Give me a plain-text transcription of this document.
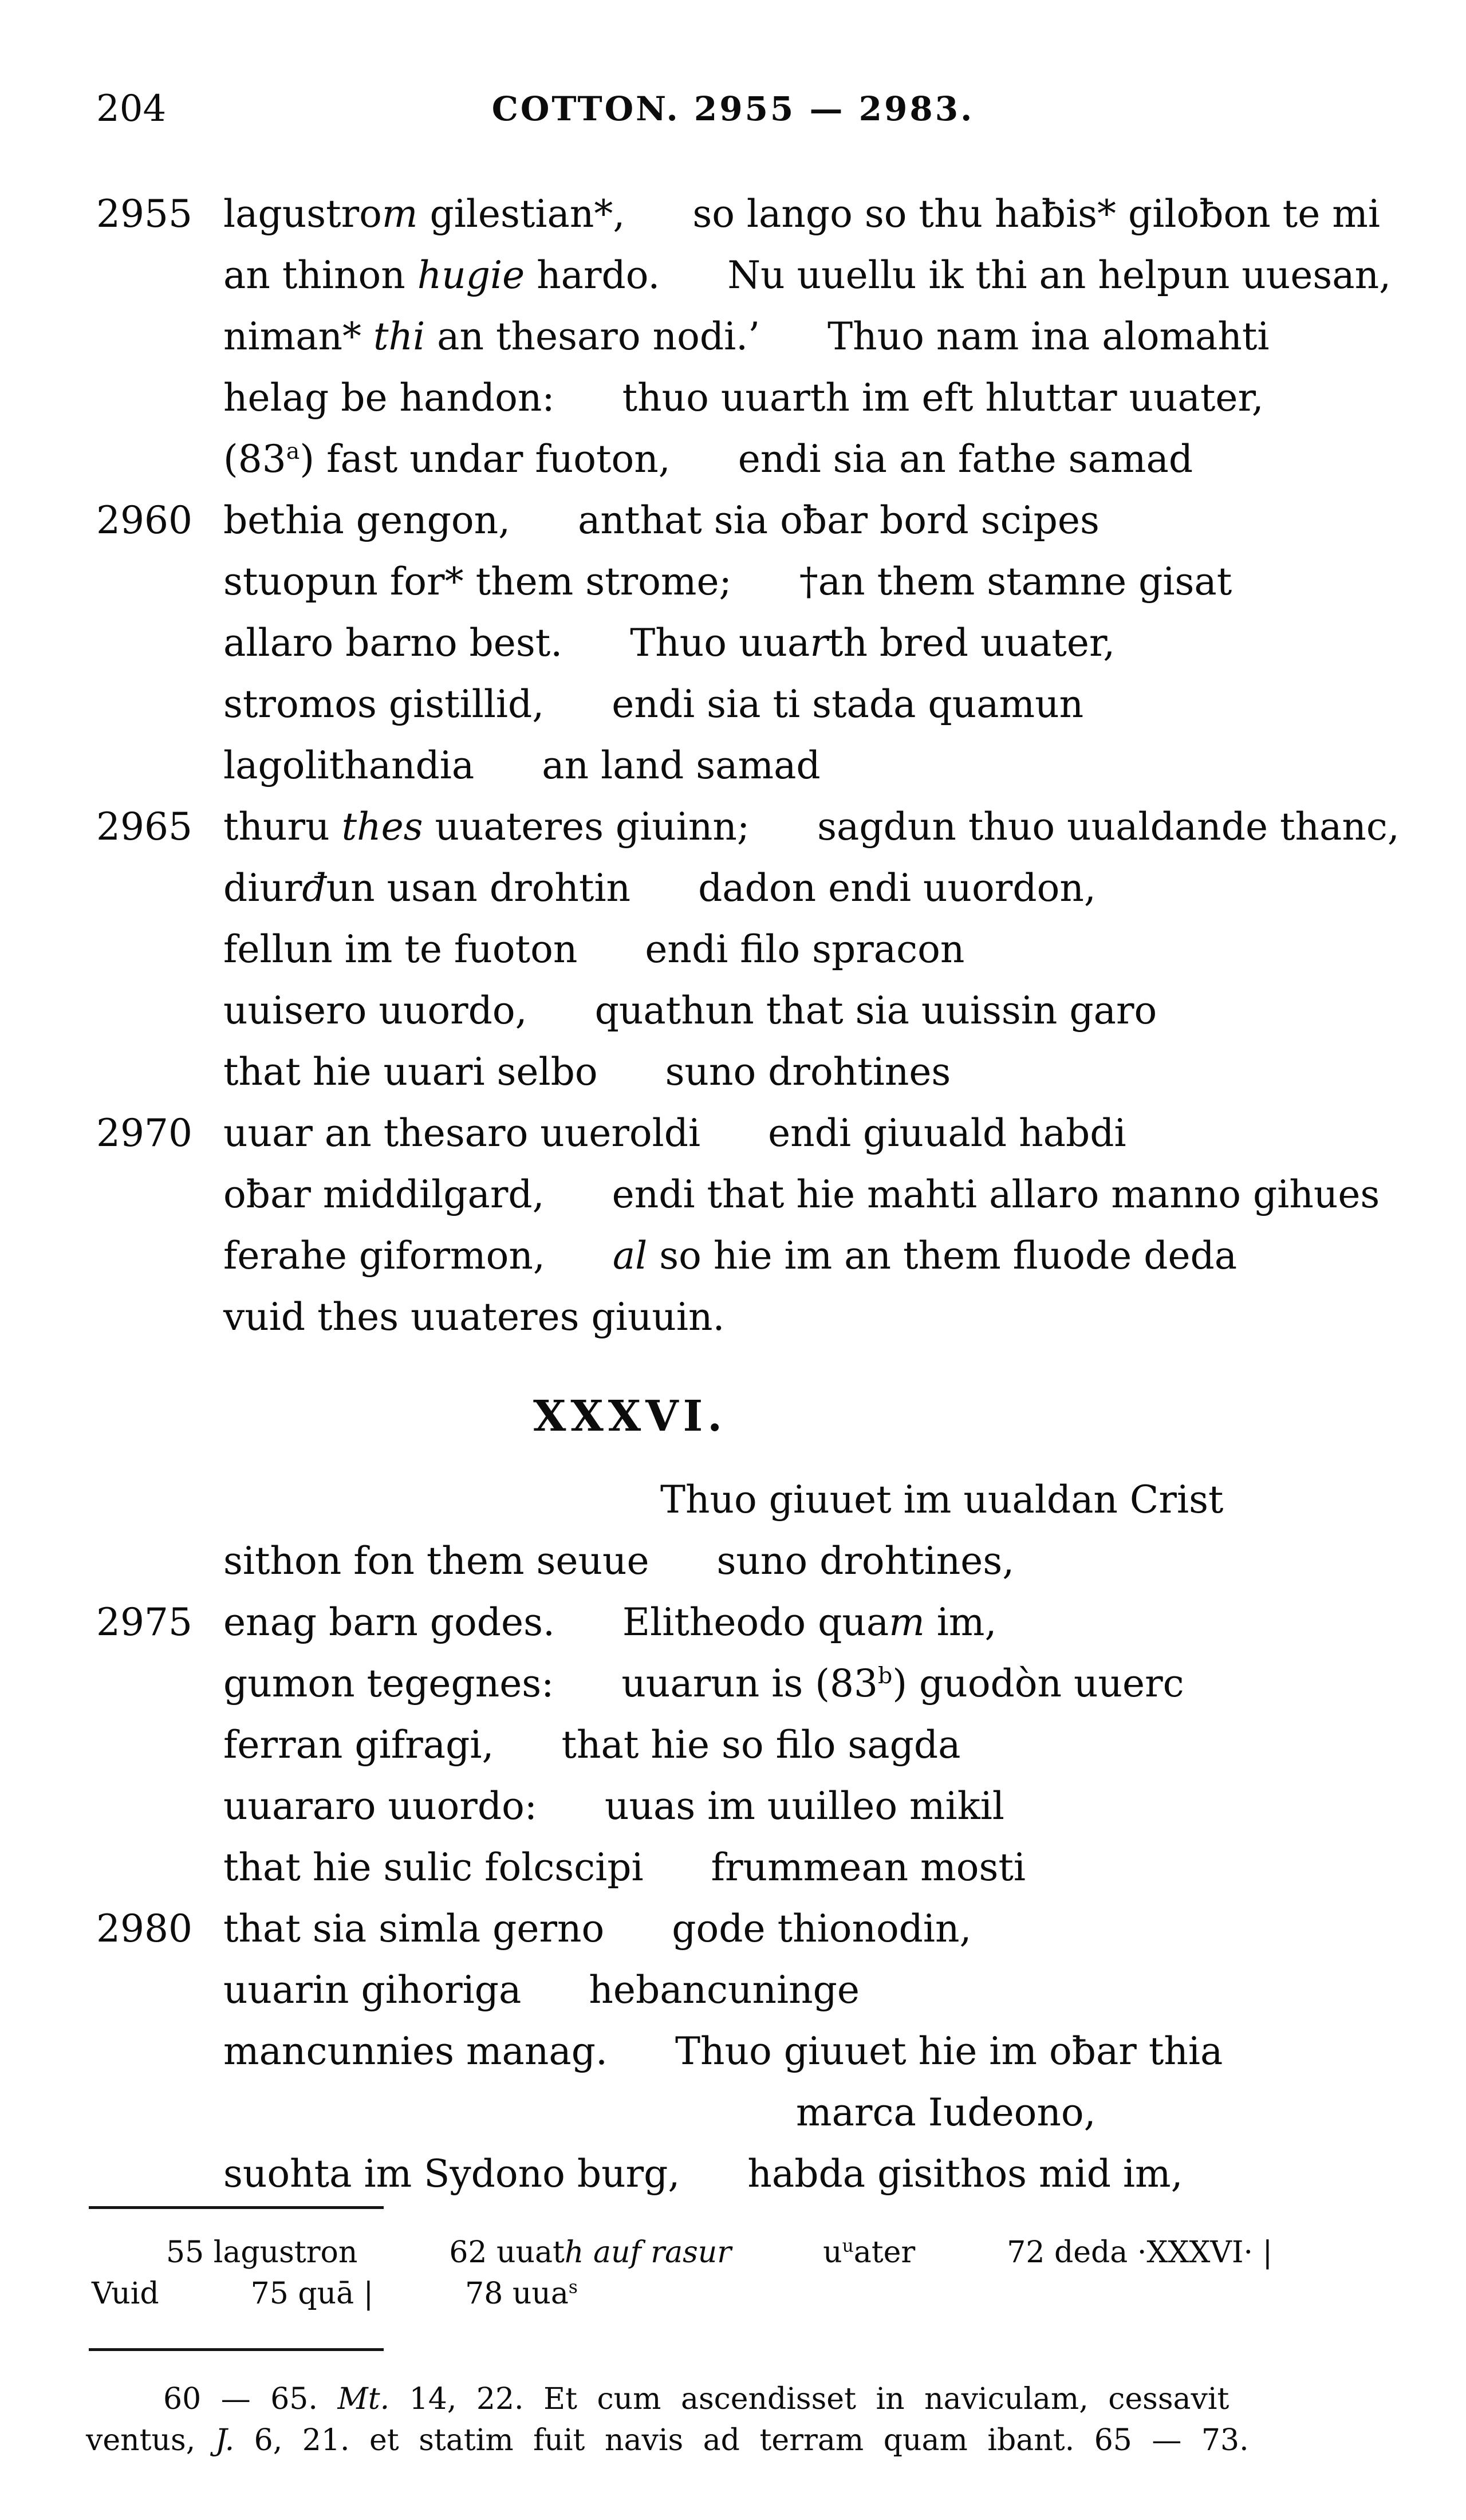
204	COTTON. 2955 — 2983.
2955 lagustrom gilestian*, so lango so thu haƀis* giloƀon te mi
an thinon hugie hardo. Nu uuellu ik thi an helpun uuesan,
niman* thi an thesaro nodi.’ Thuo nam ina alomahti
helag be handon: thuo uuarth im eft hluttar uuater,
(83$^a$) fast undar fuoton, endi sia an fathe samad
2960 bethia gengon, anthat sia oƀar bord scipes
stuopun for* them strome; †an them stamne gisat
allaro barno best. Thuo uuarth bred uuater,
stromos gistillid, endi sia ti stada quamun
lagolithandia an land samad
2965 thuru thes uuateres giuinn; sagdun thuo uualdande thanc,
diurđun usan drohtin dadon endi uuordon,
fellun im te fuoton endi filo spracon
uuisero uuordo, quathun that sia uuissin garo
that hie uuari selbo suno drohtines
2970 uuar an thesaro uueroldi endi giuuald habdi
oƀar middilgard, endi that hie mahti allaro manno gihues
ferahe giformon, al so hie im an them fluode deda
vuid thes uuateres giuuin.
XXXVI.
Thuo giuuet im uualdan Crist
sithon fon them seuue suno drohtines,
2975 enag barn godes. Elitheodo quam im,
gumon tegegnes: uuarun is (83$^b$) guodòn uuerc
ferran gifragi, that hie so filo sagda
uuararo uuordo: uuas im uuilleo mikil
that hie sulic folcscipi frummean mosti
2980 that sia simla gerno gode thionodin,
uuarin gihoriga hebancuninge
mancunnies manag. Thuo giuuet hie im oƀar thia
marca Iudeono,
suohta im Sydono burg, habda gisithos mid im,
55 lagustron	62 uuath auf rasur	$u^uater$	72 deda ·XXXVI· |
Vuid	75 quā |	78 uua$^s$
60 — 65. Mt. 14, 22. Et cum ascendisset in naviculam, cessavit
ventus, J. 6, 21. et statim fuit navis ad terram quam ibant. 65 — 73.
